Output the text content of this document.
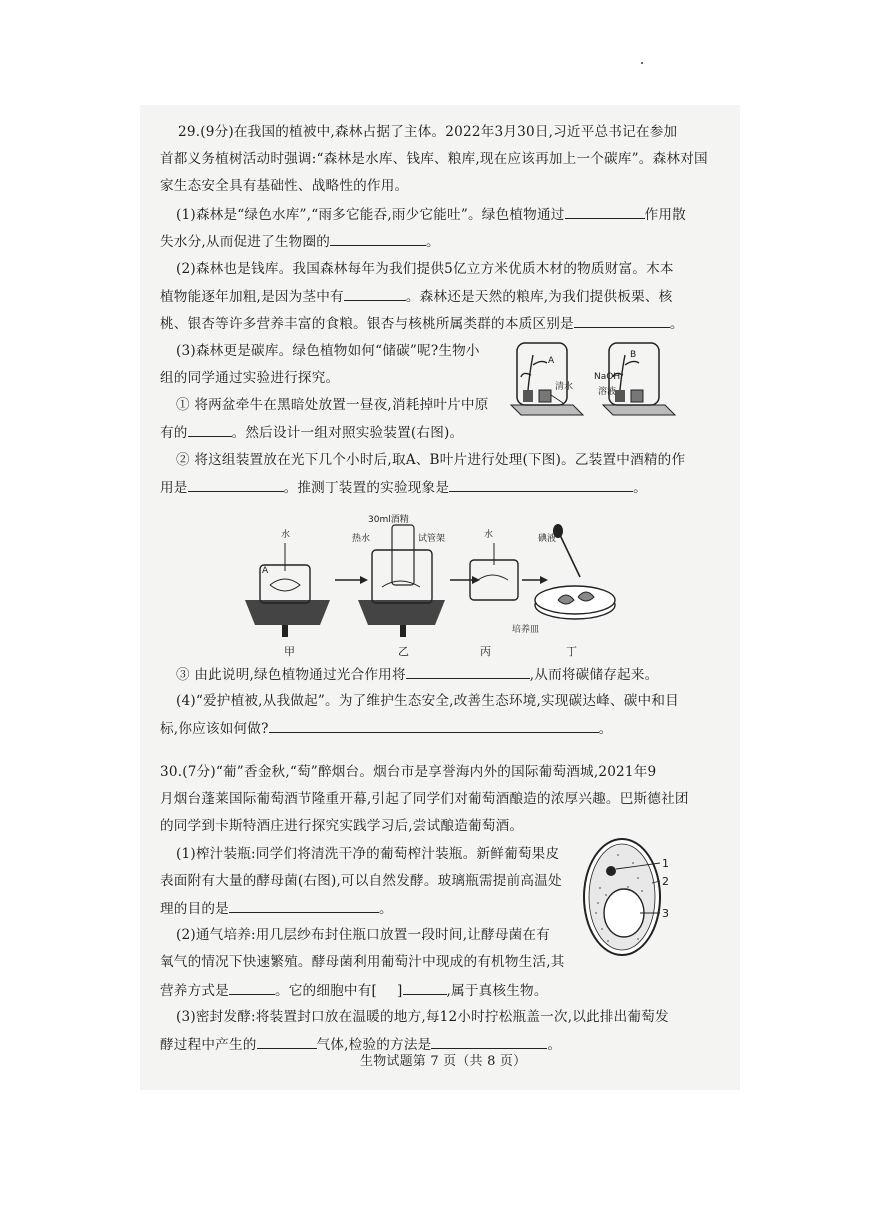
29.(9分)在我国的植被中,森林占据了主体。2022年3月30日,习近平总书记在参加
首都义务植树活动时强调:“森林是水库、钱库、粮库,现在应该再加上一个碳库”。森林对国
家生态安全具有基础性、战略性的作用。
(1)森林是“绿色水库”,“雨多它能吞,雨少它能吐”。绿色植物通过	作用散
失水分,从而促进了生物圈的	。
(2)森林也是钱库。我国森林每年为我们提供5亿立方米优质木材的物质财富。木本
植物能逐年加粗,是因为茎中有	。森林还是天然的粮库,为我们提供板栗、核
桃、银杏等许多营养丰富的食粮。银杏与核桃所属类群的本质区别是	。
(3)森林更是碳库。绿色植物如何“储碳”呢?生物小
组的同学通过实验进行探究。
① 将两盆牵牛在黑暗处放置一昼夜,消耗掉叶片中原
有的	。然后设计一组对照实验装置(右图)。
② 将这组装置放在光下几个小时后,取A、B叶片进行处理(下图)。乙装置中酒精的作
用是	。推测丁装置的实验现象是	。
A
清水
B
NaOH
溶液
水
30ml酒精
热水	试管架
A
水	碘液
培养皿
甲	乙	丙	丁
③ 由此说明,绿色植物通过光合作用将	,从而将碳储存起来。
(4)“爱护植被,从我做起”。为了维护生态安全,改善生态环境,实现碳达峰、碳中和目
标,你应该如何做?	。
30.(7分)“葡”香金秋,“萄”醉烟台。烟台市是享誉海内外的国际葡萄酒城,2021年9
月烟台蓬莱国际葡萄酒节隆重开幕,引起了同学们对葡萄酒酿造的浓厚兴趣。巴斯德社团
的同学到卡斯特酒庄进行探究实践学习后,尝试酿造葡萄酒。
(1)榨汁装瓶:同学们将清洗干净的葡萄榨汁装瓶。新鲜葡萄果皮
表面附有大量的酵母菌(右图),可以自然发酵。玻璃瓶需提前高温处
理的目的是	。
(2)通气培养:用几层纱布封住瓶口放置一段时间,让酵母菌在有
氧气的情况下快速繁殖。酵母菌利用葡萄汁中现成的有机物生活,其
营养方式是	。它的细胞中有[ ]	,属于真核生物。
(3)密封发酵:将装置封口放在温暖的地方,每12小时拧松瓶盖一次,以此排出葡萄发
酵过程中产生的	气体,检验的方法是	。
1
2
3
生物试题第 7 页（共 8 页）
